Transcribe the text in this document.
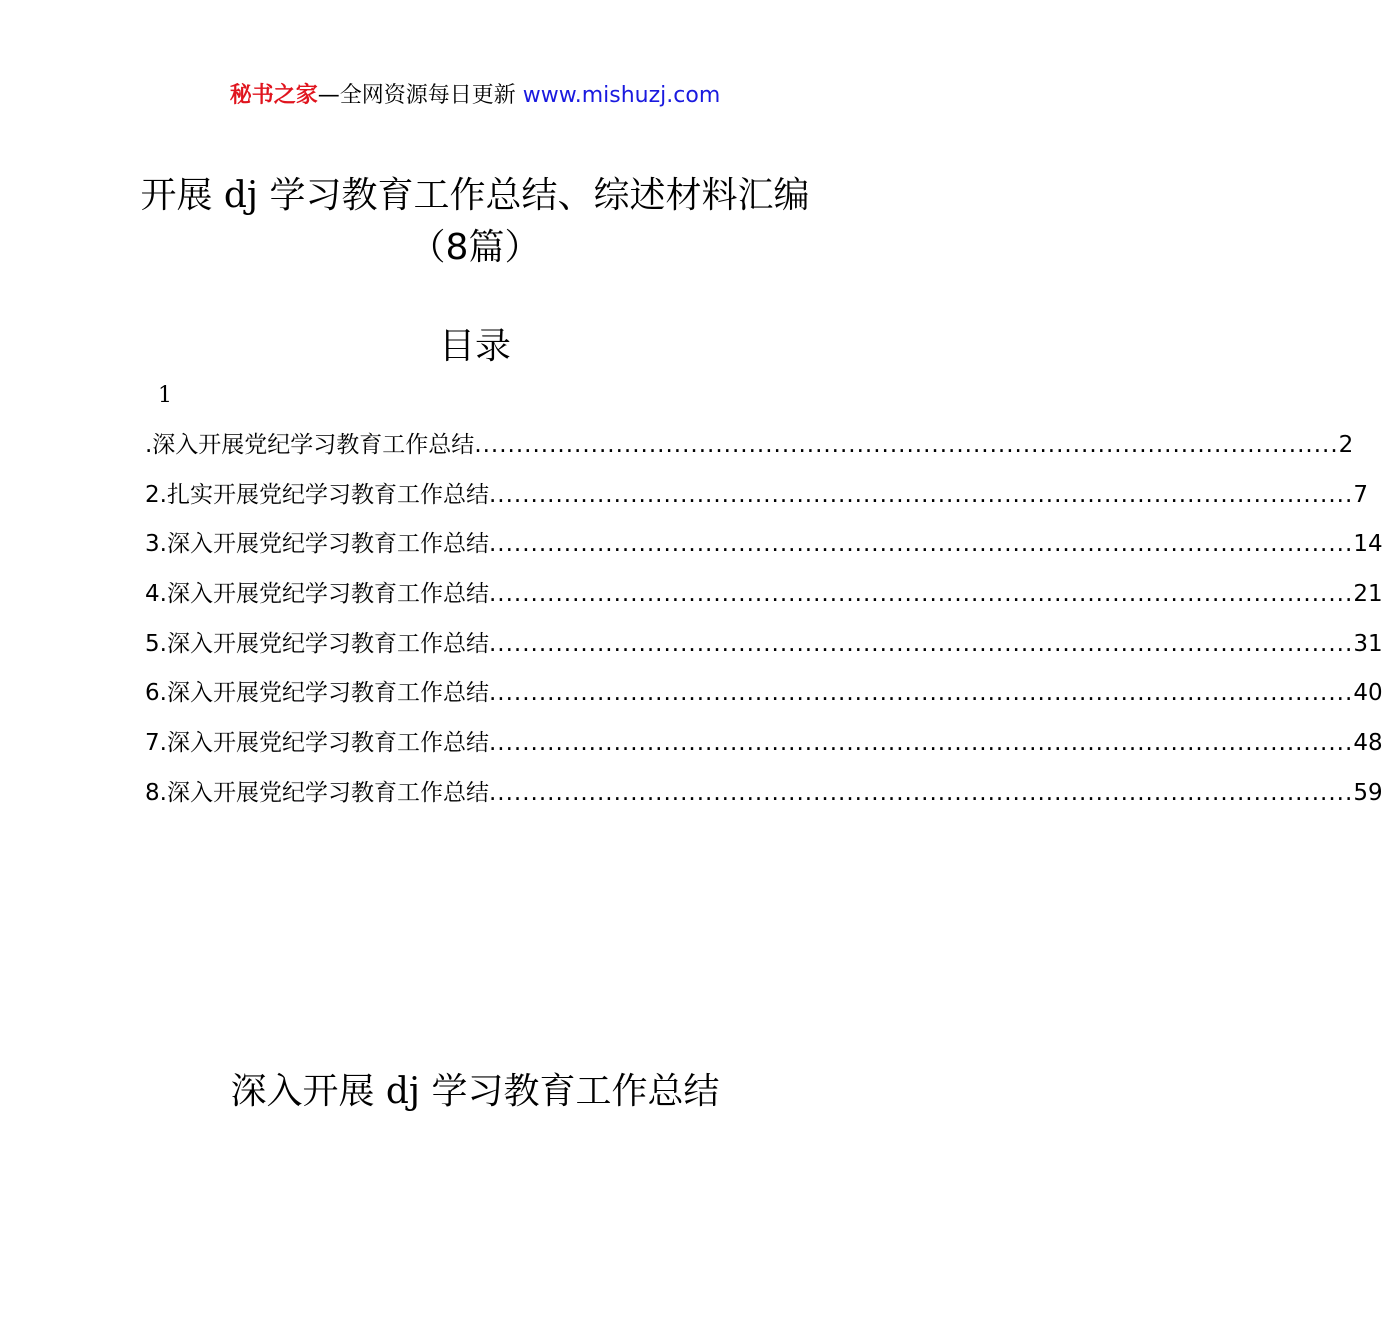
秘书之家—全网资源每日更新 www.mishuzj.com
开展 dj 学习教育工作总结、综述材料汇编
（8篇）
目录
1
.深入开展党纪学习教育工作总结 ........................................................................................................ 2
2 .扎实开展党纪学习教育工作总结 ........................................................................................................ 7
3 .深入开展党纪学习教育工作总结 ........................................................................................................ 14
4 .深入开展党纪学习教育工作总结 ........................................................................................................ 21
5 .深入开展党纪学习教育工作总结 ........................................................................................................ 31
6 .深入开展党纪学习教育工作总结 ........................................................................................................ 40
7 .深入开展党纪学习教育工作总结 ........................................................................................................ 48
8 .深入开展党纪学习教育工作总结 ........................................................................................................ 59
深入开展 dj 学习教育工作总结
